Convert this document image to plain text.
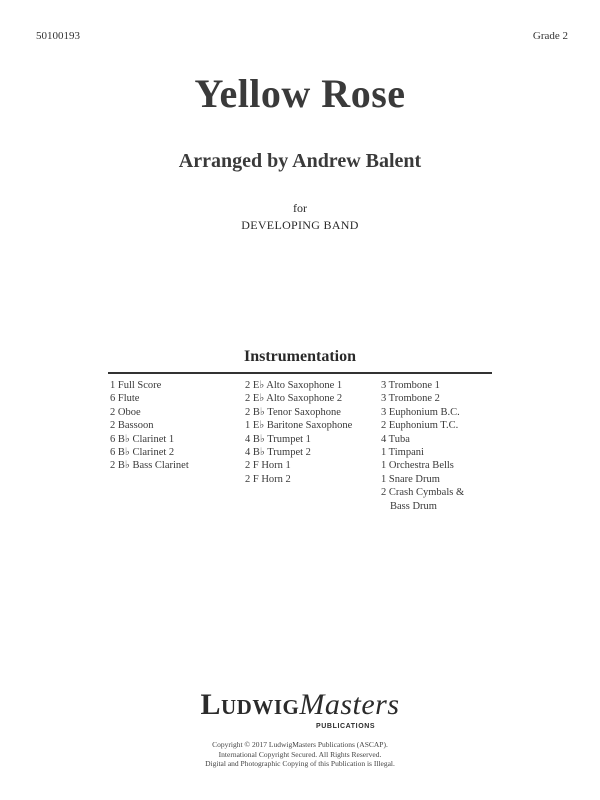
50100193	Grade 2
Yellow Rose
Arranged by Andrew Balent
for
DEVELOPING BAND
Instrumentation
1 Full Score
6 Flute
2 Oboe
2 Bassoon
6 B♭ Clarinet 1
6 B♭ Clarinet 2
2 B♭ Bass Clarinet
2 E♭ Alto Saxophone 1
2 E♭ Alto Saxophone 2
2 B♭ Tenor Saxophone
1 E♭ Baritone Saxophone
4 B♭ Trumpet 1
4 B♭ Trumpet 2
2 F Horn 1
2 F Horn 2
3 Trombone 1
3 Trombone 2
3 Euphonium B.C.
2 Euphonium T.C.
4 Tuba
1 Timpani
1 Orchestra Bells
1 Snare Drum
2 Crash Cymbals &
Bass Drum
LudwigMasters
PUBLICATIONS
Copyright © 2017 LudwigMasters Publications (ASCAP).
International Copyright Secured. All Rights Reserved.
Digital and Photographic Copying of this Publication is Illegal.
